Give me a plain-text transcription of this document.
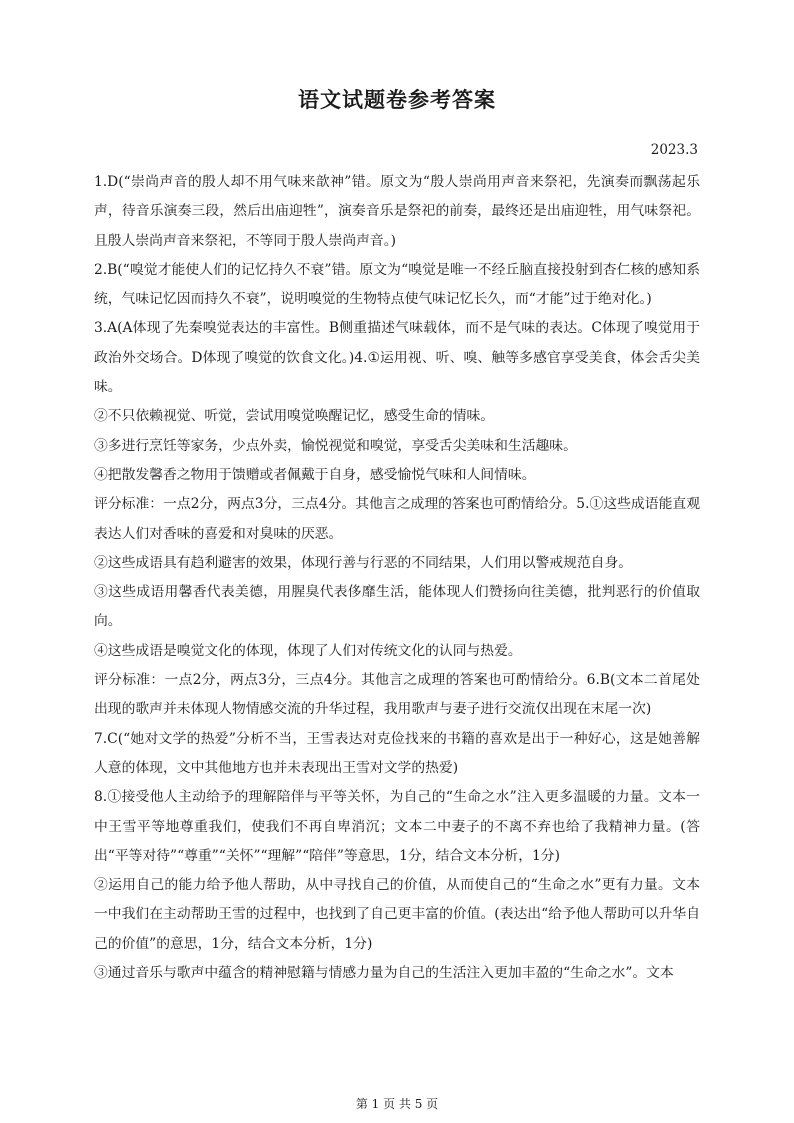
语文试题卷参考答案
2023.3

1.D(“崇尚声音的殷人却不用气味来歆神”错。原文为“殷人崇尚用声音来祭祀，先演奏而飘荡起乐声，待音乐演奏三段，然后出庙迎牲”，演奏音乐是祭祀的前奏，最终还是出庙迎牲，用气味祭祀。且殷人崇尚声音来祭祀，不等同于殷人崇尚声音。)

2.B(“嗅觉才能使人们的记忆持久不衰”错。原文为“嗅觉是唯一不经丘脑直接投射到杏仁核的感知系统，气味记忆因而持久不衰”，说明嗅觉的生物特点使气味记忆长久，而“才能”过于绝对化。)

3.A(A体现了先秦嗅觉表达的丰富性。B侧重描述气味载体，而不是气味的表达。C体现了嗅觉用于政治外交场合。D体现了嗅觉的饮食文化。)4.①运用视、听、嗅、触等多感官享受美食，体会舌尖美味。

②不只依赖视觉、听觉，尝试用嗅觉唤醒记忆，感受生命的情味。

③多进行烹饪等家务，少点外卖，愉悦视觉和嗅觉，享受舌尖美味和生活趣味。

④把散发馨香之物用于馈赠或者佩戴于自身，感受愉悦气味和人间情味。

评分标准：一点2分，两点3分，三点4分。其他言之成理的答案也可酌情给分。5.①这些成语能直观表达人们对香味的喜爱和对臭味的厌恶。

②这些成语具有趋利避害的效果，体现行善与行恶的不同结果，人们用以警戒规范自身。

③这些成语用馨香代表美德，用腥臭代表侈靡生活，能体现人们赞扬向往美德，批判恶行的价值取向。

④这些成语是嗅觉文化的体现，体现了人们对传统文化的认同与热爱。

评分标准：一点2分，两点3分，三点4分。其他言之成理的答案也可酌情给分。6.B(文本二首尾处出现的歌声并未体现人物情感交流的升华过程，我用歌声与妻子进行交流仅出现在末尾一次)

7.C(“她对文学的热爱”分析不当，王雪表达对克俭找来的书籍的喜欢是出于一种好心，这是她善解人意的体现，文中其他地方也并未表现出王雪对文学的热爱)

8.①接受他人主动给予的理解陪伴与平等关怀，为自己的“生命之水”注入更多温暖的力量。文本一中王雪平等地尊重我们，使我们不再自卑消沉；文本二中妻子的不离不弃也给了我精神力量。(答出“平等对待”“尊重”“关怀”“理解”“陪伴”等意思，1分，结合文本分析，1分)

②运用自己的能力给予他人帮助，从中寻找自己的价值，从而使自己的“生命之水”更有力量。文本一中我们在主动帮助王雪的过程中，也找到了自己更丰富的价值。(表达出“给予他人帮助可以升华自己的价值”的意思，1分，结合文本分析，1分)

③通过音乐与歌声中蕴含的精神慰籍与情感力量为自己的生活注入更加丰盈的“生命之水”。文本

第 1 页 共 5 页
